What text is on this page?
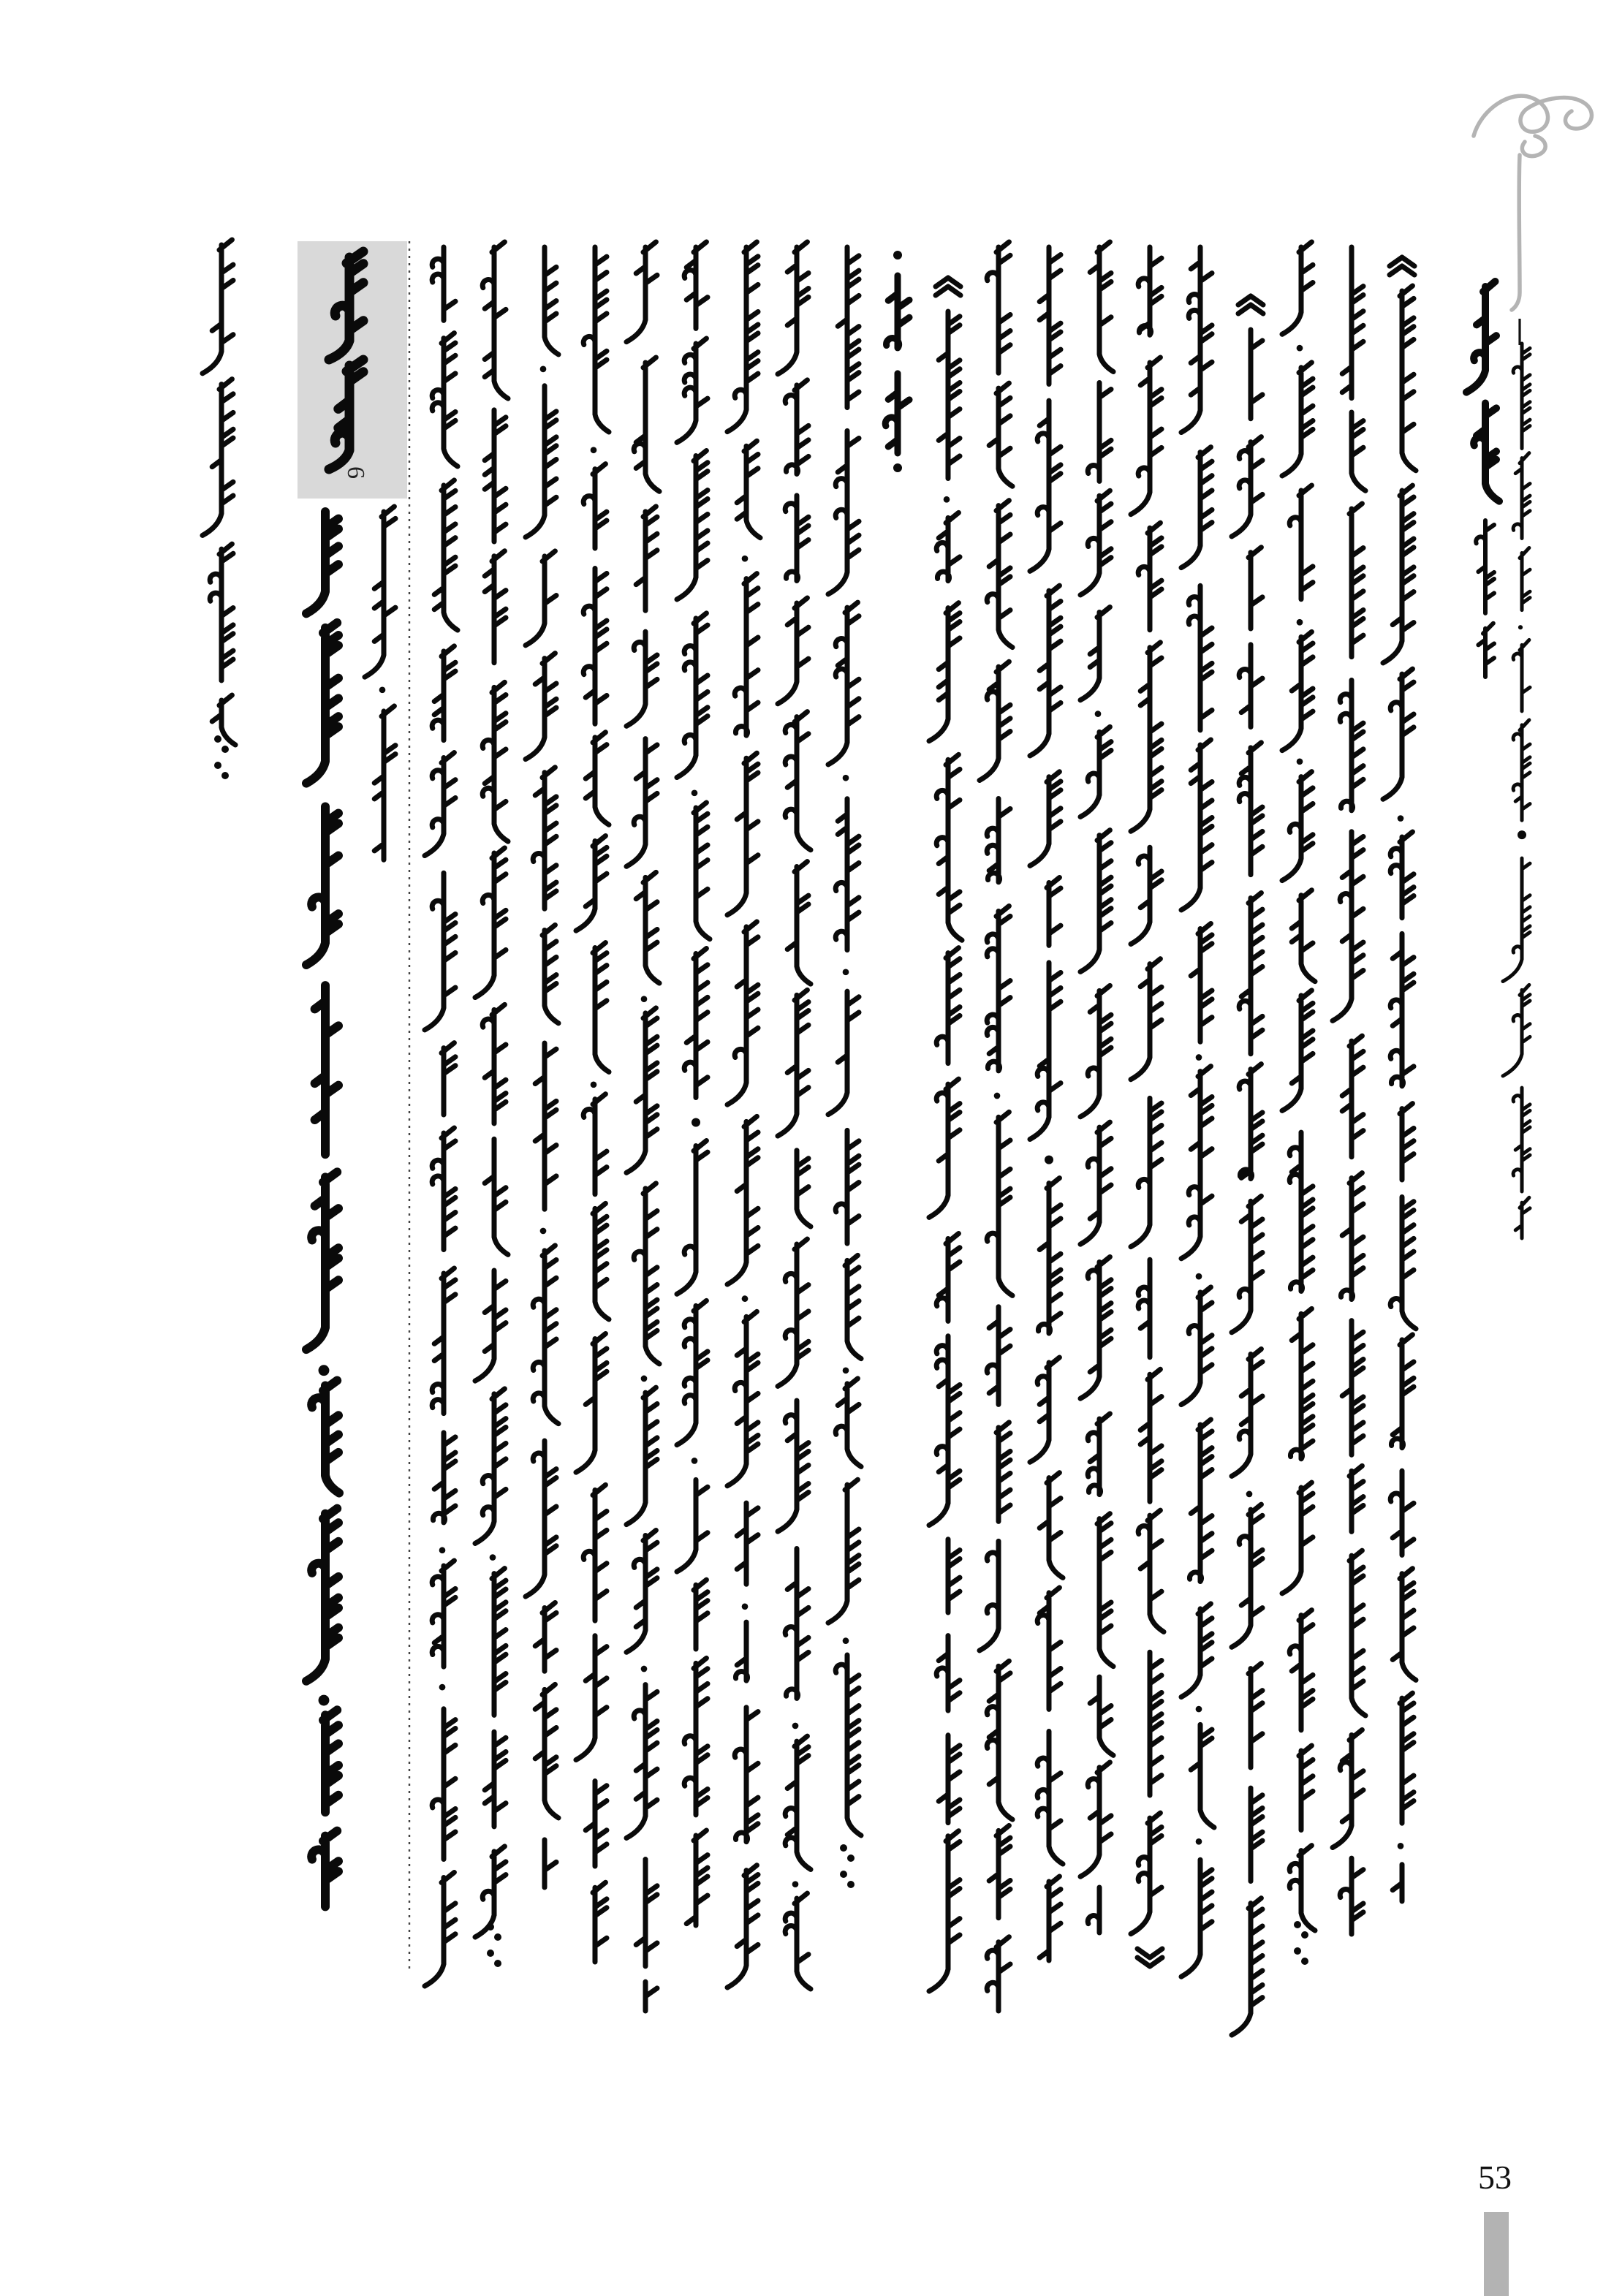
6
53
